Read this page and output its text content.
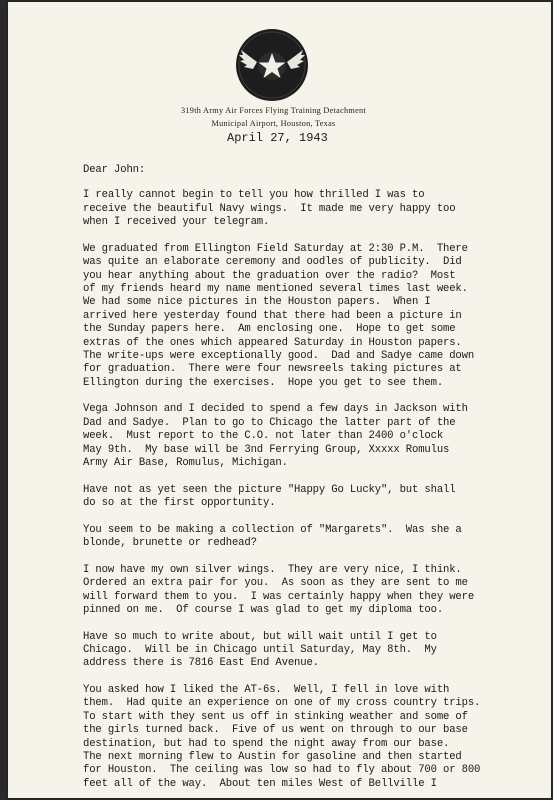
319th Army Air Forces Flying Training Detachment
Municipal Airport, Houston, Texas
April 27, 1943
Dear John:
I really cannot begin to tell you how thrilled I was to
receive the beautiful Navy wings.  It made me very happy too
when I received your telegram.
We graduated from Ellington Field Saturday at 2:30 P.M.  There
was quite an elaborate ceremony and oodles of publicity.  Did
you hear anything about the graduation over the radio?  Most
of my friends heard my name mentioned several times last week.
We had some nice pictures in the Houston papers.  When I
arrived here yesterday found that there had been a picture in
the Sunday papers here.  Am enclosing one.  Hope to get some
extras of the ones which appeared Saturday in Houston papers.
The write-ups were exceptionally good.  Dad and Sadye came down
for graduation.  There were four newsreels taking pictures at
Ellington during the exercises.  Hope you get to see them.
Vega Johnson and I decided to spend a few days in Jackson with
Dad and Sadye.  Plan to go to Chicago the latter part of the
week.  Must report to the C.O. not later than 2400 o'clock
May 9th.  My base will be 3nd Ferrying Group, Xxxxx Romulus
Army Air Base, Romulus, Michigan.
Have not as yet seen the picture "Happy Go Lucky", but shall
do so at the first opportunity.
You seem to be making a collection of "Margarets".  Was she a
blonde, brunette or redhead?
I now have my own silver wings.  They are very nice, I think.
Ordered an extra pair for you.  As soon as they are sent to me
will forward them to you.  I was certainly happy when they were
pinned on me.  Of course I was glad to get my diploma too.
Have so much to write about, but will wait until I get to
Chicago.  Will be in Chicago until Saturday, May 8th.  My
address there is 7816 East End Avenue.
You asked how I liked the AT-6s.  Well, I fell in love with
them.  Had quite an experience on one of my cross country trips.
To start with they sent us off in stinking weather and some of
the girls turned back.  Five of us went on through to our base
destination, but had to spend the night away from our base.
The next morning flew to Austin for gasoline and then started
for Houston.  The ceiling was low so had to fly about 700 or 800
feet all of the way.  About ten miles West of Bellville I
